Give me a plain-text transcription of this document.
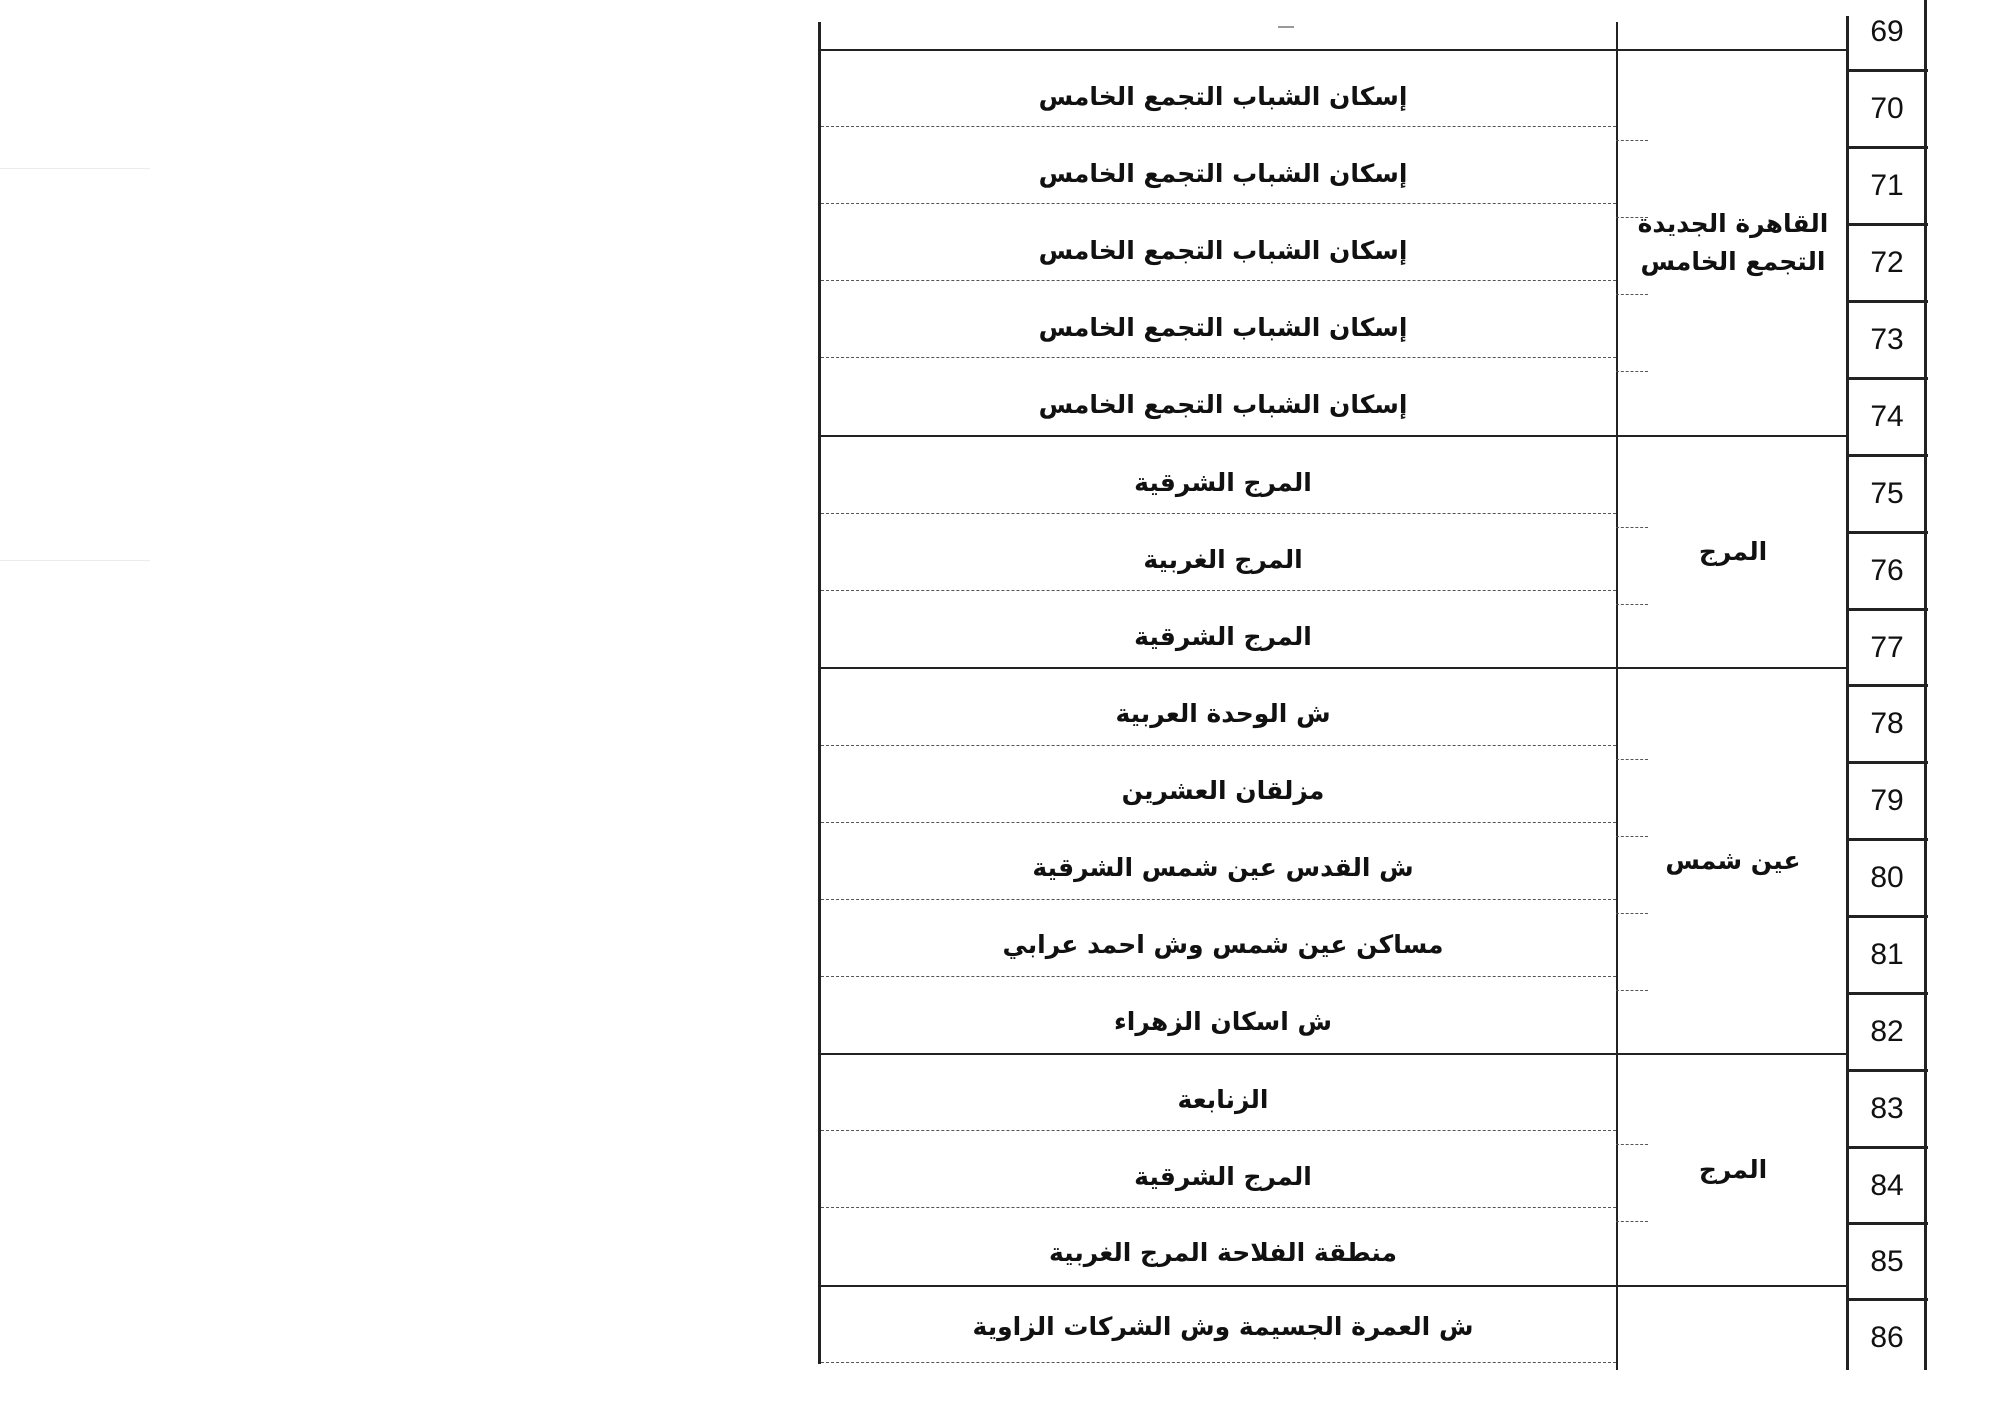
69
70
71
72
73
74
75
76
77
78
79
80
81
82
83
84
85
86
إسكان الشباب التجمع الخامس
إسكان الشباب التجمع الخامس
إسكان الشباب التجمع الخامس
إسكان الشباب التجمع الخامس
إسكان الشباب التجمع الخامس
المرج الشرقية
المرج الغربية
المرج الشرقية
ش الوحدة العربية
مزلقان العشرين
ش القدس عين شمس الشرقية
مساكن عين شمس وش احمد عرابي
ش اسكان الزهراء
الزنابعة
المرج الشرقية
منطقة الفلاحة المرج الغربية
ش العمرة الجسيمة وش الشركات الزاوية
القاهرة الجديدة
التجمع الخامس
المرج
عين شمس
المرج
